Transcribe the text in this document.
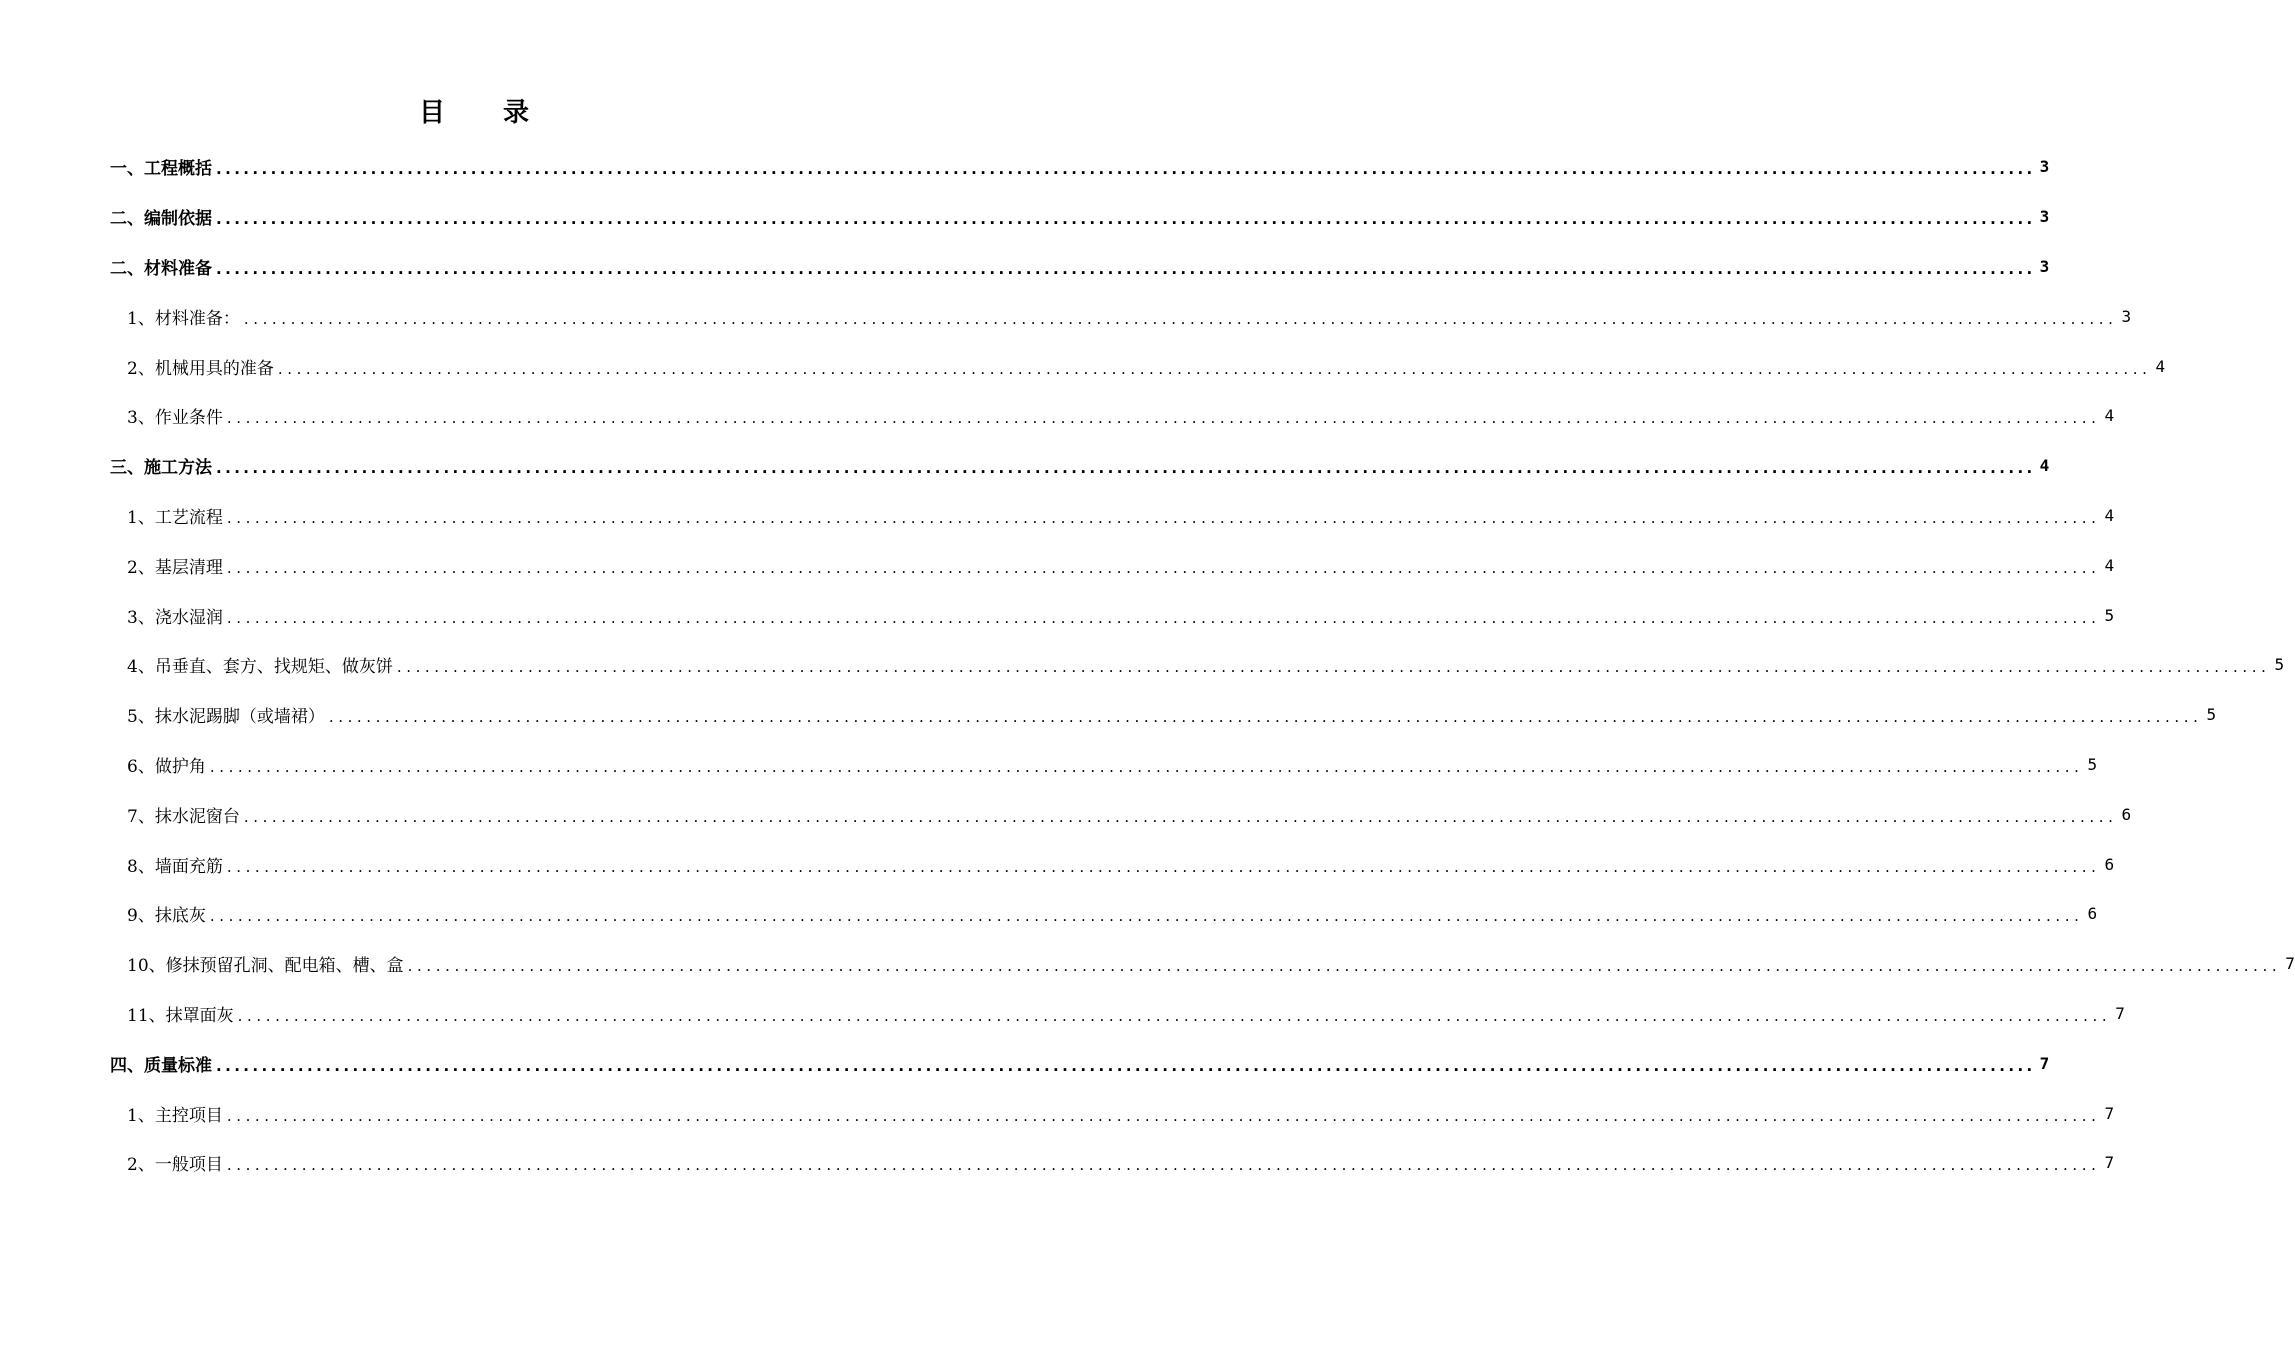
目　　录
一、工程概括 ........................................................................................................................................................................................................ 3
二、编制依据 ........................................................................................................................................................................................................ 3
二、材料准备 ........................................................................................................................................................................................................ 3
1、材料准备： ........................................................................................................................................................................................................ 3
2、机械用具的准备 ........................................................................................................................................................................................................ 4
3、作业条件 ........................................................................................................................................................................................................ 4
三、施工方法 ........................................................................................................................................................................................................ 4
1、工艺流程 ........................................................................................................................................................................................................ 4
2、基层清理 ........................................................................................................................................................................................................ 4
3、浇水湿润 ........................................................................................................................................................................................................ 5
4、吊垂直、套方、找规矩、做灰饼 ........................................................................................................................................................................................................ 5
5、抹水泥踢脚（或墙裙） ........................................................................................................................................................................................................ 5
6、做护角 ........................................................................................................................................................................................................ 5
7、抹水泥窗台 ........................................................................................................................................................................................................ 6
8、墙面充筋 ........................................................................................................................................................................................................ 6
9、抹底灰 ........................................................................................................................................................................................................ 6
10、修抹预留孔洞、配电箱、槽、盒 ........................................................................................................................................................................................................ 7
11、抹罩面灰 ........................................................................................................................................................................................................ 7
四、质量标准 ........................................................................................................................................................................................................ 7
1、主控项目 ........................................................................................................................................................................................................ 7
2、一般项目 ........................................................................................................................................................................................................ 7
